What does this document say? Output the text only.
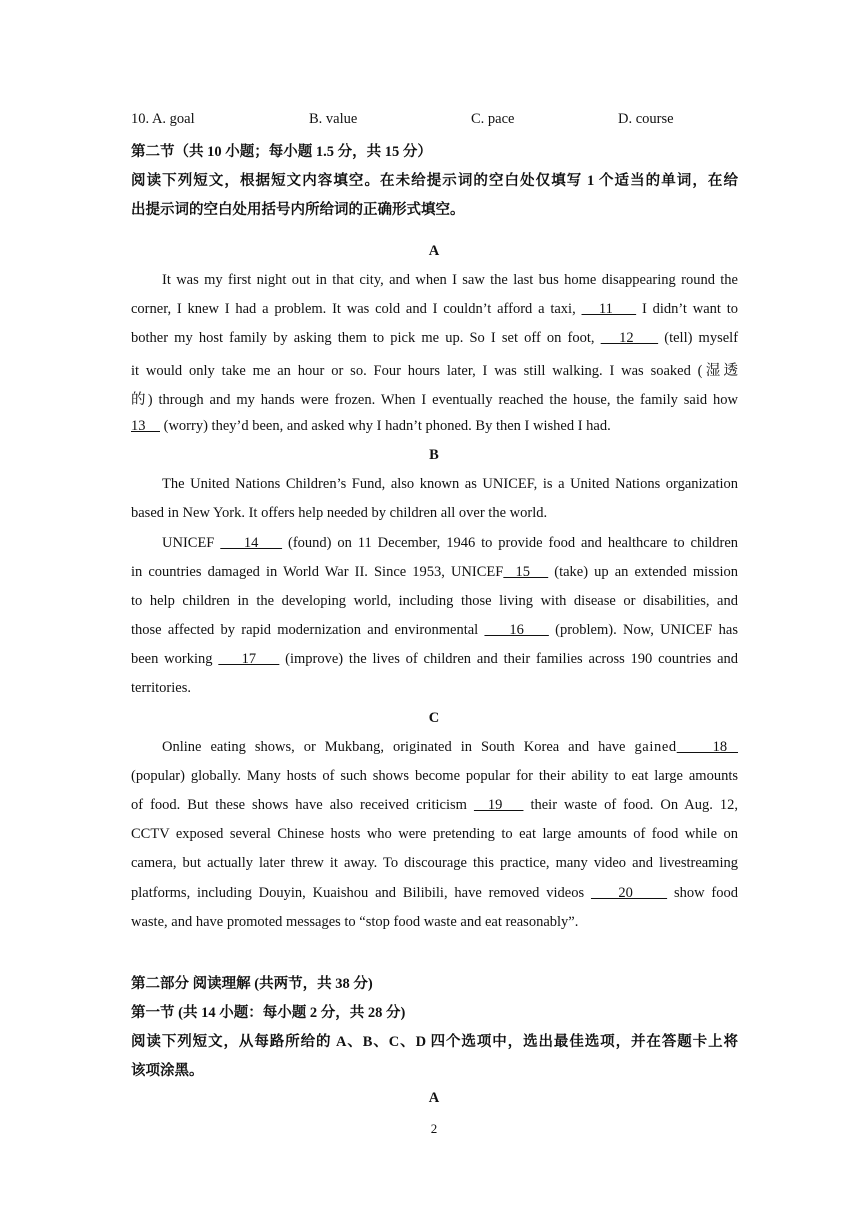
10. A. goal	B. value	C. pace	D. course
第二节（共 10 小题；每小题 1.5 分，共 15 分）
阅读下列短文，根据短文内容填空。在未给提示词的空白处仅填写 1 个适当的单词，在给
出提示词的空白处用括号内所给词的正确形式填空。
A
It was my first night out in that city, and when I saw the last bus home disappearing round the
corner, I knew I had a problem. It was cold and I couldn’t afford a taxi,    11     I didn’t want to
bother my host family by asking them to pick me up. So I set off on foot,    12     (tell) myself
it would only take me an hour or so. Four hours later, I was still walking. I was soaked (湿透
的) through and my hands were frozen. When I eventually reached the house, the family said how
13     (worry) they’d been, and asked why I hadn’t phoned. By then I wished I had.
B
The United Nations Children’s Fund, also known as UNICEF, is a United Nations organization
based in New York. It offers help needed by children all over the world.
UNICEF     14     (found) on 11 December, 1946 to provide food and healthcare to children
in countries damaged in World War II. Since 1953, UNICEF  15    (take) up an extended mission
to help children in the developing world, including those living with disease or disabilities, and
those affected by rapid modernization and environmental     16     (problem). Now, UNICEF has
been working     17     (improve) the lives of children and their families across 190 countries and
territories.
C
Online eating shows, or Mukbang, originated in South Korea and have gained    18
(popular) globally. Many hosts of such shows become popular for their ability to eat large amounts
of food. But these shows have also received criticism   19    their waste of food. On Aug. 12,
CCTV exposed several Chinese hosts who were pretending to eat large amounts of food while on
camera, but actually later threw it away. To discourage this practice, many video and livestreaming
platforms, including Douyin, Kuaishou and Bilibili, have removed videos     20      show food
waste, and have promoted messages to “stop food waste and eat reasonably”.
第二部分 阅读理解 (共两节，共 38 分)
第一节 (共 14 小题：每小题 2 分，共 28 分)
阅读下列短文，从每路所给的 A、B、C、D 四个选项中，选出最佳选项，并在答题卡上将
该项涂黑。
A
2
